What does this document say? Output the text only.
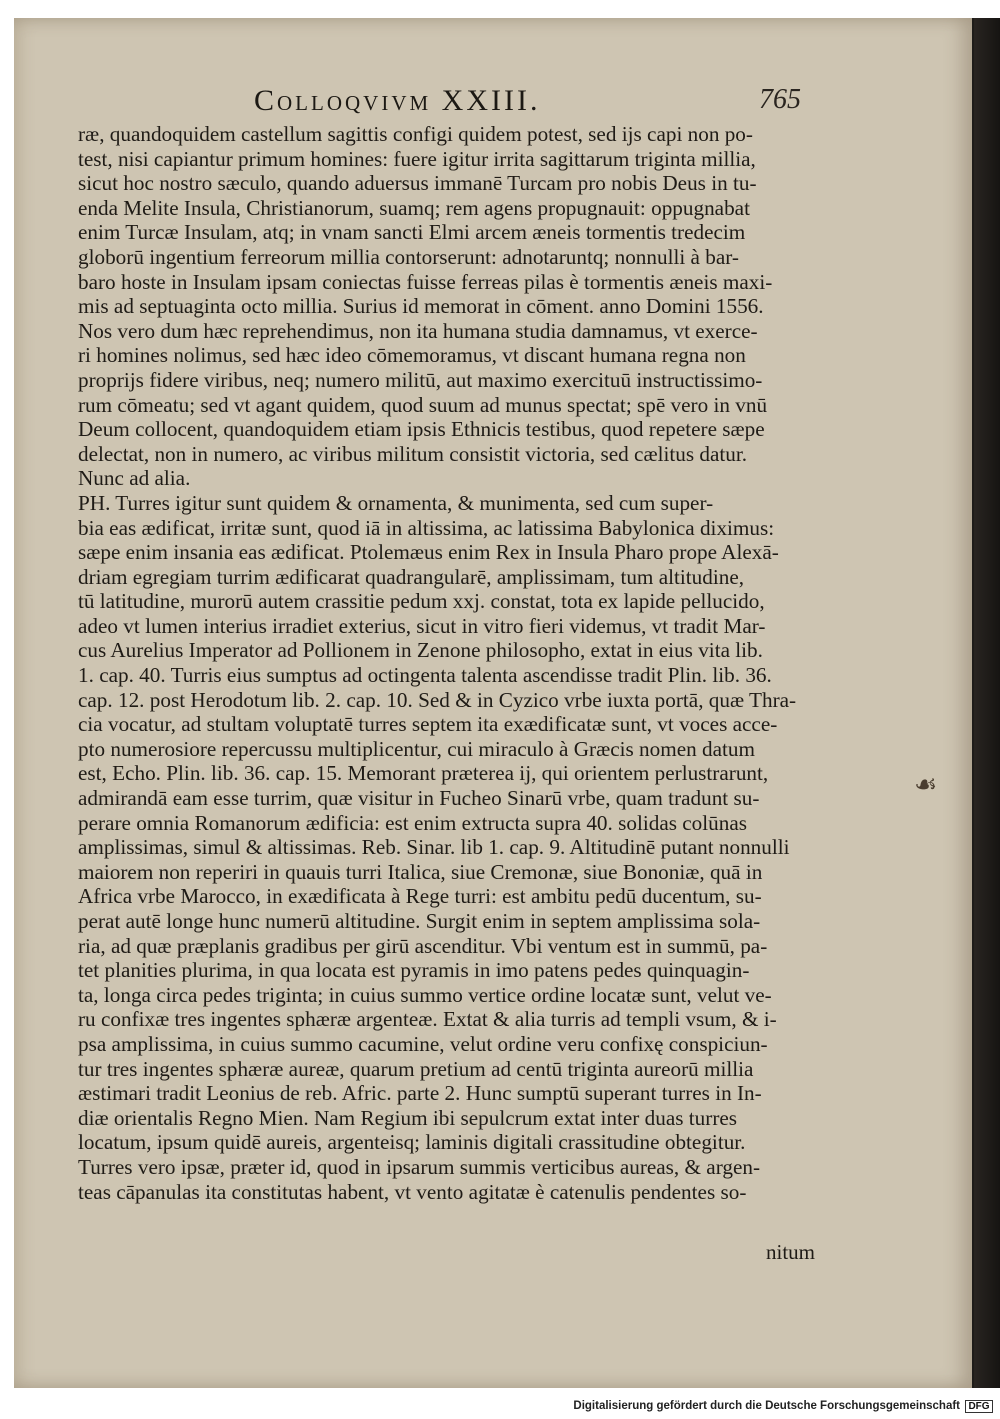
Colloqvivm XXIII.	765
ræ, quandoquidem castellum sagittis configi quidem potest, sed ijs capi non po-
test, nisi capiantur primum homines: fuere igitur irrita sagittarum triginta millia,
sicut hoc nostro sæculo, quando aduersus immanē Turcam pro nobis Deus in tu-
enda Melite Insula, Christianorum, suamq; rem agens propugnauit: oppugnabat
enim Turcæ Insulam, atq; in vnam sancti Elmi arcem æneis tormentis tredecim
globorū ingentium ferreorum millia contorserunt: adnotaruntq; nonnulli à bar-
baro hoste in Insulam ipsam coniectas fuisse ferreas pilas è tormentis æneis maxi-
mis ad septuaginta octo millia. Surius id memorat in cōment. anno Domini 1556.
Nos vero dum hæc reprehendimus, non ita humana studia damnamus, vt exerce-
ri homines nolimus, sed hæc ideo cōmemoramus, vt discant humana regna non
proprijs fidere viribus, neq; numero militū, aut maximo exercituū instructissimo-
rum cōmeatu; sed vt agant quidem, quod suum ad munus spectat; spē vero in vnū
Deum collocent, quandoquidem etiam ipsis Ethnicis testibus, quod repetere sæpe
delectat, non in numero, ac viribus militum consistit victoria, sed cælitus datur.
Nunc ad alia.
PH. Turres igitur sunt quidem & ornamenta, & munimenta, sed cum super-
bia eas ædificat, irritæ sunt, quod iā in altissima, ac latissima Babylonica diximus:
sæpe enim insania eas ædificat. Ptolemæus enim Rex in Insula Pharo prope Alexā-
driam egregiam turrim ædificarat quadrangularē, amplissimam, tum altitudine,
tū latitudine, murorū autem crassitie pedum xxj. constat, tota ex lapide pellucido,
adeo vt lumen interius irradiet exterius, sicut in vitro fieri videmus, vt tradit Mar-
cus Aurelius Imperator ad Pollionem in Zenone philosopho, extat in eius vita lib.
1. cap. 40. Turris eius sumptus ad octingenta talenta ascendisse tradit Plin. lib. 36.
cap. 12. post Herodotum lib. 2. cap. 10. Sed & in Cyzico vrbe iuxta portā, quæ Thra-
cia vocatur, ad stultam voluptatē turres septem ita exædificatæ sunt, vt voces acce-
pto numerosiore repercussu multiplicentur, cui miraculo à Græcis nomen datum
est, Echo. Plin. lib. 36. cap. 15. Memorant præterea ij, qui orientem perlustrarunt,
admirandā eam esse turrim, quæ visitur in Fucheo Sinarū vrbe, quam tradunt su-
perare omnia Romanorum ædificia: est enim extructa supra 40. solidas colūnas
amplissimas, simul & altissimas. Reb. Sinar. lib 1. cap. 9. Altitudinē putant nonnulli
maiorem non reperiri in quauis turri Italica, siue Cremonæ, siue Bononiæ, quā in
Africa vrbe Marocco, in exædificata à Rege turri: est ambitu pedū ducentum, su-
perat autē longe hunc numerū altitudine. Surgit enim in septem amplissima sola-
ria, ad quæ præplanis gradibus per girū ascenditur. Vbi ventum est in summū, pa-
tet planities plurima, in qua locata est pyramis in imo patens pedes quinquagin-
ta, longa circa pedes triginta; in cuius summo vertice ordine locatæ sunt, velut ve-
ru confixæ tres ingentes sphæræ argenteæ. Extat & alia turris ad templi vsum, & i-
psa amplissima, in cuius summo cacumine, velut ordine veru confixę conspiciun-
tur tres ingentes sphæræ aureæ, quarum pretium ad centū triginta aureorū millia
æstimari tradit Leonius de reb. Afric. parte 2. Hunc sumptū superant turres in In-
diæ orientalis Regno Mien. Nam Regium ibi sepulcrum extat inter duas turres
locatum, ipsum quidē aureis, argenteisq; laminis digitali crassitudine obtegitur.
Turres vero ipsæ, præter id, quod in ipsarum summis verticibus aureas, & argen-
teas cāpanulas ita constitutas habent, vt vento agitatæ è catenulis pendentes so-
☙
nitum
Digitalisierung gefördert durch die Deutsche Forschungsgemeinschaft DFG
